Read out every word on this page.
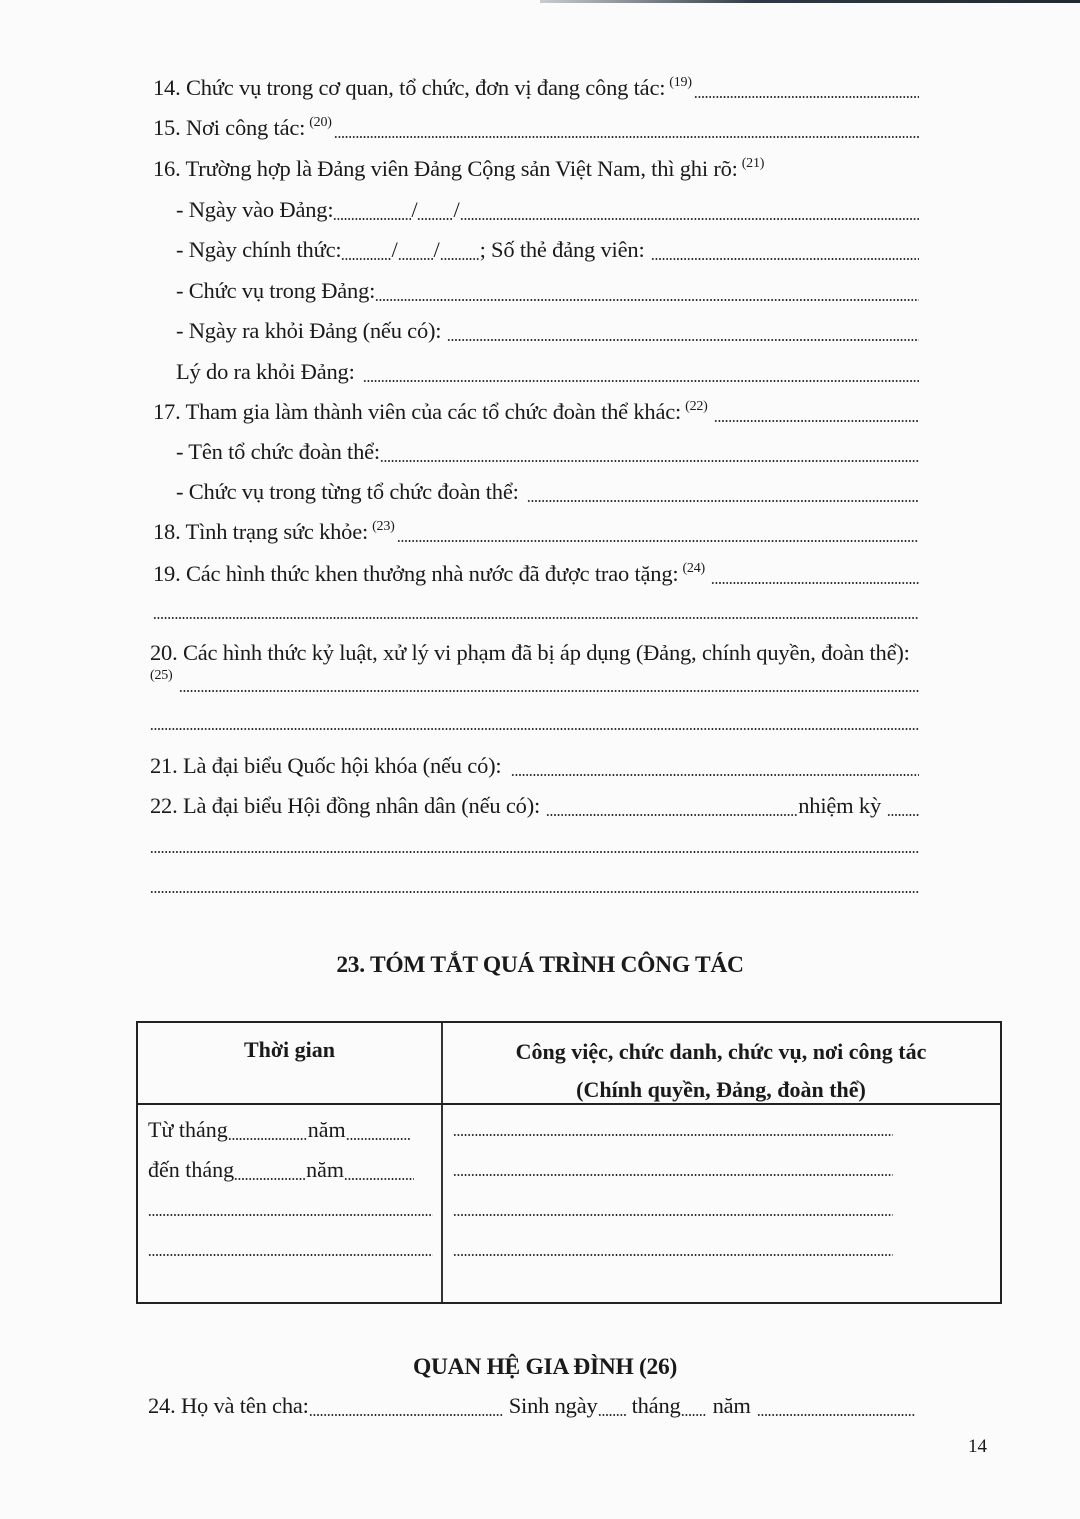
14. Chức vụ trong cơ quan, tổ chức, đơn vị đang công tác: (19)
15. Nơi công tác: (20)
16. Trường hợp là Đảng viên Đảng Cộng sản Việt Nam, thì ghi rõ: (21)
- Ngày vào Đảng:	/ /
- Ngày chính thức: / / ; Số thẻ đảng viên:
- Chức vụ trong Đảng:
- Ngày ra khỏi Đảng (nếu có):
Lý do ra khỏi Đảng:
17. Tham gia làm thành viên của các tổ chức đoàn thể khác: (22)
- Tên tổ chức đoàn thể:
- Chức vụ trong từng tổ chức đoàn thể:
18. Tình trạng sức khỏe: (23)
19. Các hình thức khen thưởng nhà nước đã được trao tặng: (24)
20. Các hình thức kỷ luật, xử lý vi phạm đã bị áp dụng (Đảng, chính quyền, đoàn thể):
(25)
21. Là đại biểu Quốc hội khóa (nếu có):
22. Là đại biểu Hội đồng nhân dân (nếu có):	nhiệm kỳ
23. TÓM TẮT QUÁ TRÌNH CÔNG TÁC
Thời gian	Công việc, chức danh, chức vụ, nơi công tác
(Chính quyền, Đảng, đoàn thể)
Từ tháng	năm
đến tháng	năm
QUAN HỆ GIA ĐÌNH (26)
24. Họ và tên cha:	Sinh ngày tháng năm
14
